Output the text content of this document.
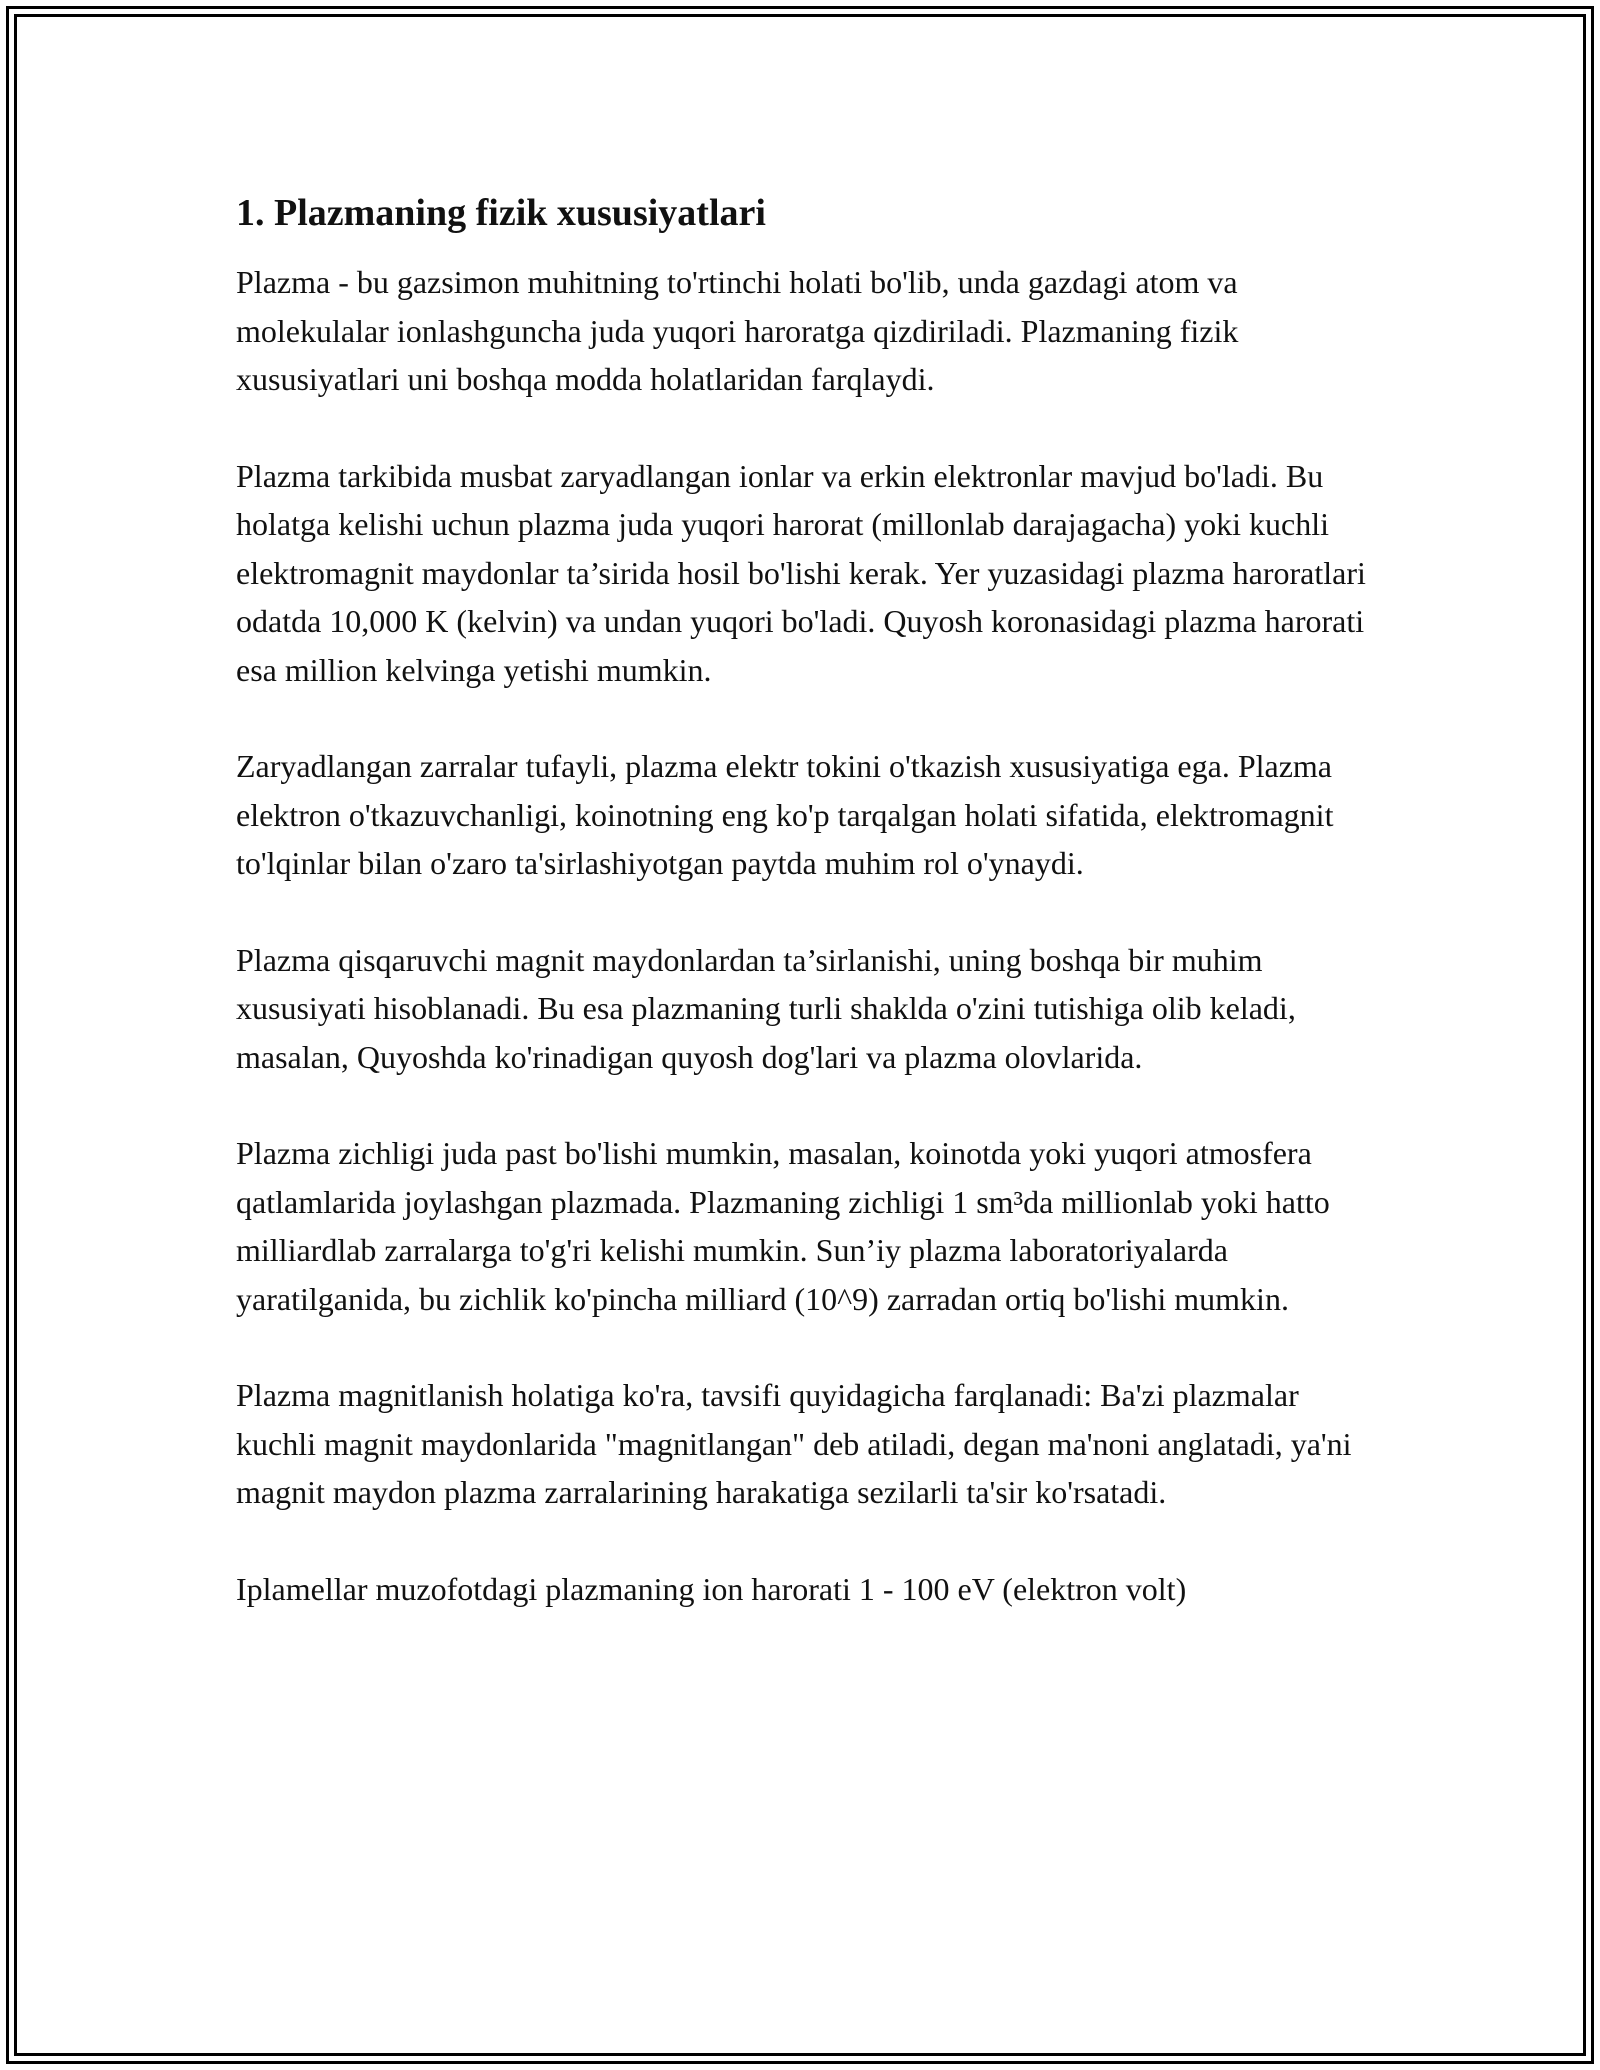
1. Plazmaning fizik xususiyatlari

Plazma - bu gazsimon muhitning to'rtinchi holati bo'lib, unda gazdagi atom va molekulalar ionlashguncha juda yuqori haroratga qizdiriladi. Plazmaning fizik xususiyatlari uni boshqa modda holatlaridan farqlaydi.

Plazma tarkibida musbat zaryadlangan ionlar va erkin elektronlar mavjud bo'ladi. Bu holatga kelishi uchun plazma juda yuqori harorat (millonlab darajagacha) yoki kuchli elektromagnit maydonlar ta’sirida hosil bo'lishi kerak. Yer yuzasidagi plazma haroratlari odatda 10,000 K (kelvin) va undan yuqori bo'ladi. Quyosh koronasidagi plazma harorati esa million kelvinga yetishi mumkin.

Zaryadlangan zarralar tufayli, plazma elektr tokini o'tkazish xususiyatiga ega. Plazma elektron o'tkazuvchanligi, koinotning eng ko'p tarqalgan holati sifatida, elektromagnit to'lqinlar bilan o'zaro ta'sirlashiyotgan paytda muhim rol o'ynaydi.

Plazma qisqaruvchi magnit maydonlardan ta’sirlanishi, uning boshqa bir muhim xususiyati hisoblanadi. Bu esa plazmaning turli shaklda o'zini tutishiga olib keladi, masalan, Quyoshda ko'rinadigan quyosh dog'lari va plazma olovlarida.

Plazma zichligi juda past bo'lishi mumkin, masalan, koinotda yoki yuqori atmosfera qatlamlarida joylashgan plazmada. Plazmaning zichligi 1 sm³da millionlab yoki hatto milliardlab zarralarga to'g'ri kelishi mumkin. Sun’iy plazma laboratoriyalarda yaratilganida, bu zichlik ko'pincha milliard (10^9) zarradan ortiq bo'lishi mumkin.

Plazma magnitlanish holatiga ko'ra, tavsifi quyidagicha farqlanadi: Ba'zi plazmalar kuchli magnit maydonlarida "magnitlangan" deb atiladi, degan ma'noni anglatadi, ya'ni magnit maydon plazma zarralarining harakatiga sezilarli ta'sir ko'rsatadi.

Iplamellar muzofotdagi plazmaning ion harorati 1 - 100 eV (elektron volt)
